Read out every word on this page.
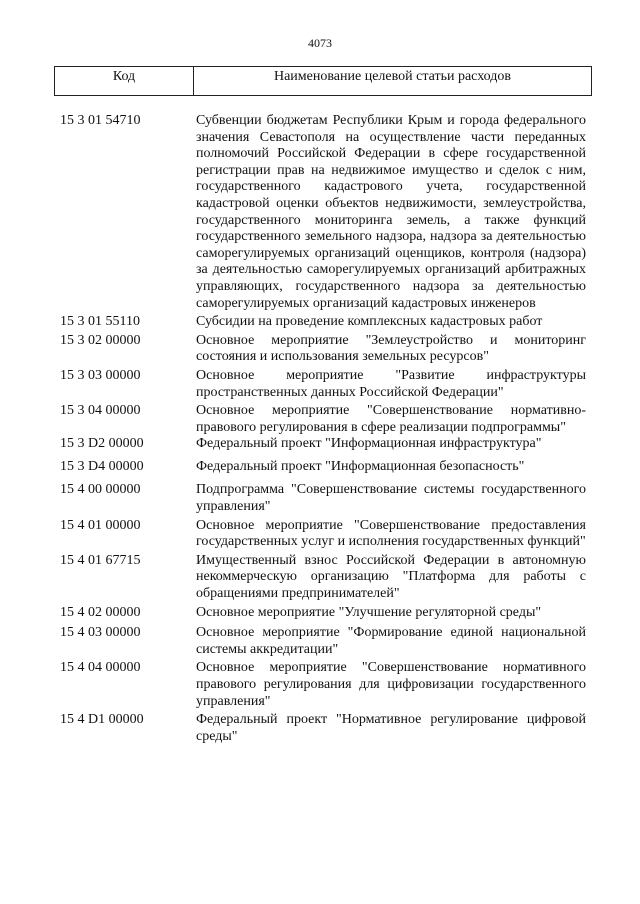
4073
Код	Наименование целевой статьи расходов
15 3 01 54710	Субвенции бюджетам Республики Крым и города федерального значения Севастополя на осуществление части переданных полномочий Российской Федерации в сфере государственной регистрации прав на недвижимое имущество и сделок с ним, государственного кадастрового учета, государственной кадастровой оценки объектов недвижимости, землеустройства, государственного мониторинга земель, а также функций государственного земельного надзора, надзора за деятельностью саморегулируемых организаций оценщиков, контроля (надзора) за деятельностью саморегулируемых организаций арбитражных управляющих, государственного надзора за деятельностью саморегулируемых организаций кадастровых инженеров
15 3 01 55110	Субсидии на проведение комплексных кадастровых работ
15 3 02 00000	Основное мероприятие "Землеустройство и мониторинг состояния и использования земельных ресурсов"
15 3 03 00000	Основное мероприятие "Развитие инфраструктуры пространственных данных Российской Федерации"
15 3 04 00000	Основное мероприятие "Совершенствование нормативно-правового регулирования в сфере реализации подпрограммы"
15 3 D2 00000	Федеральный проект "Информационная инфраструктура"
15 3 D4 00000	Федеральный проект "Информационная безопасность"
15 4 00 00000	Подпрограмма "Совершенствование системы государственного управления"
15 4 01 00000	Основное мероприятие "Совершенствование предоставления государственных услуг и исполнения государственных функций"
15 4 01 67715	Имущественный взнос Российской Федерации в автономную некоммерческую организацию "Платформа для работы с обращениями предпринимателей"
15 4 02 00000	Основное мероприятие "Улучшение регуляторной среды"
15 4 03 00000	Основное мероприятие "Формирование единой национальной системы аккредитации"
15 4 04 00000	Основное мероприятие "Совершенствование нормативного правового регулирования для цифровизации государственного управления"
15 4 D1 00000	Федеральный проект "Нормативное регулирование цифровой среды"
